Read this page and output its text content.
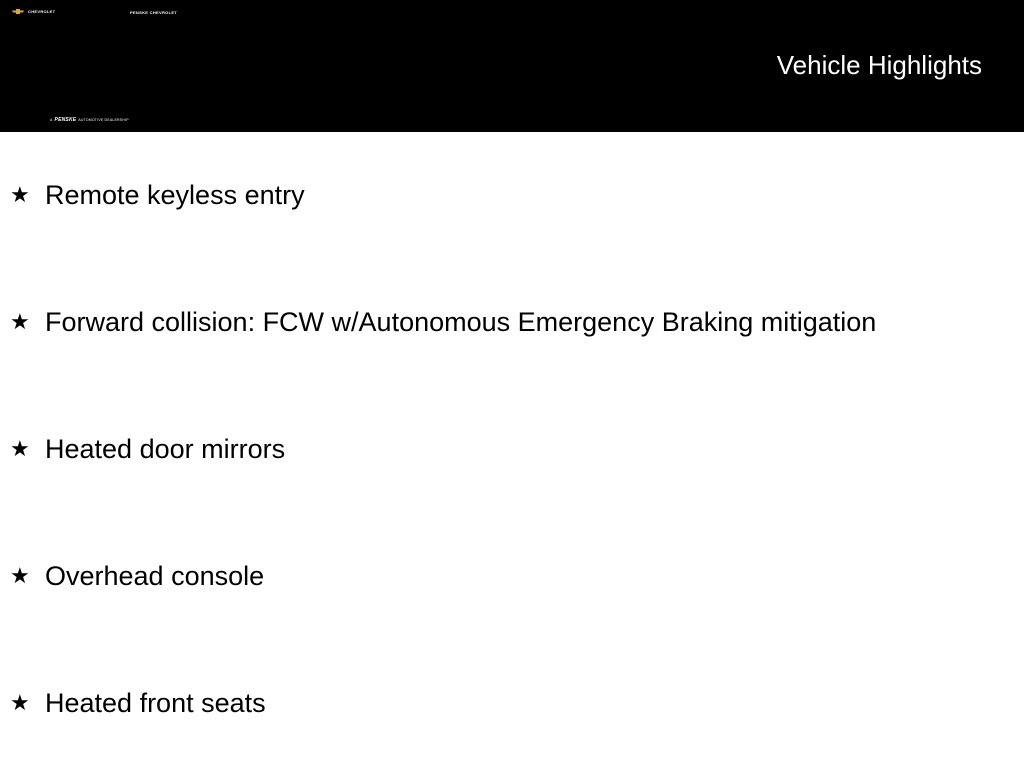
CHEVROLET	PENSKE CHEVROLET
A PENSKE AUTOMOTIVE DEALERSHIP
Vehicle Highlights
★ Remote keyless entry
★ Forward collision: FCW w/Autonomous Emergency Braking mitigation
★ Heated door mirrors
★ Overhead console
★ Heated front seats
